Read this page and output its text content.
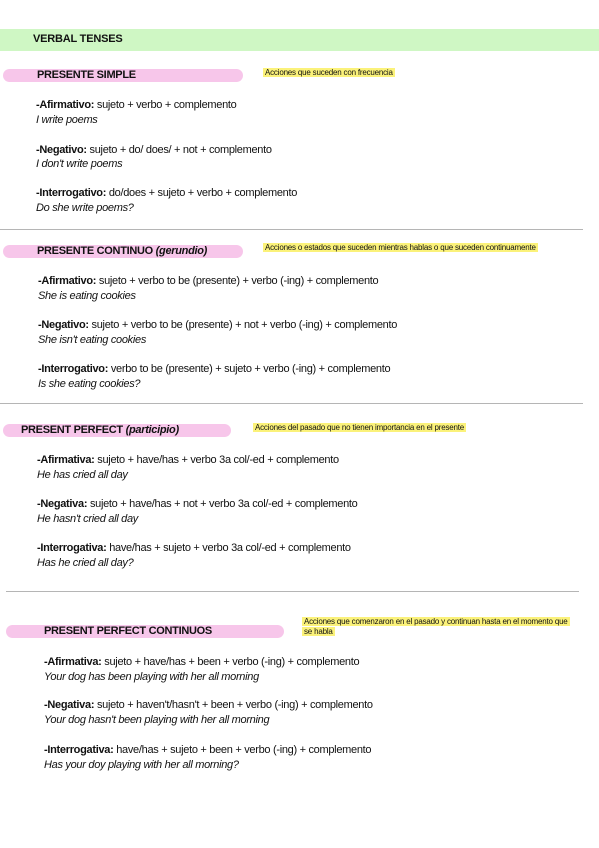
VERBAL TENSES
PRESENTE SIMPLE	Acciones que suceden con frecuencia
-Afirmativo: sujeto + verbo + complemento
I write poems
-Negativo: sujeto + do/ does/ + not + complemento
I don't write poems
-Interrogativo: do/does + sujeto + verbo + complemento
Do she write poems?
PRESENTE CONTINUO (gerundio)	Acciones o estados que suceden mientras hablas o que suceden continuamente
-Afirmativo: sujeto + verbo to be (presente) + verbo (-ing) + complemento
She is eating cookies
-Negativo: sujeto + verbo to be (presente) + not + verbo (-ing) + complemento
She isn't eating cookies
-Interrogativo: verbo to be (presente) + sujeto + verbo (-ing) + complemento
Is she eating cookies?
PRESENT PERFECT (participio)	Acciones del pasado que no tienen importancia en el presente
-Afirmativa: sujeto + have/has + verbo 3a col/-ed + complemento
He has cried all day
-Negativa: sujeto + have/has + not + verbo 3a col/-ed + complemento
He hasn't cried all day
-Interrogativa: have/has + sujeto + verbo 3a col/-ed + complemento
Has he cried all day?
PRESENT PERFECT CONTINUOS
Acciones que comenzaron en el pasado y continuan hasta en el momento que se habla
-Afirmativa: sujeto + have/has + been + verbo (-ing) + complemento
Your dog has been playing with her all morning
-Negativa: sujeto + haven't/hasn't + been + verbo (-ing) + complemento
Your dog hasn't been playing with her all morning
-Interrogativa: have/has + sujeto + been + verbo (-ing) + complemento
Has your doy playing with her all morning?
